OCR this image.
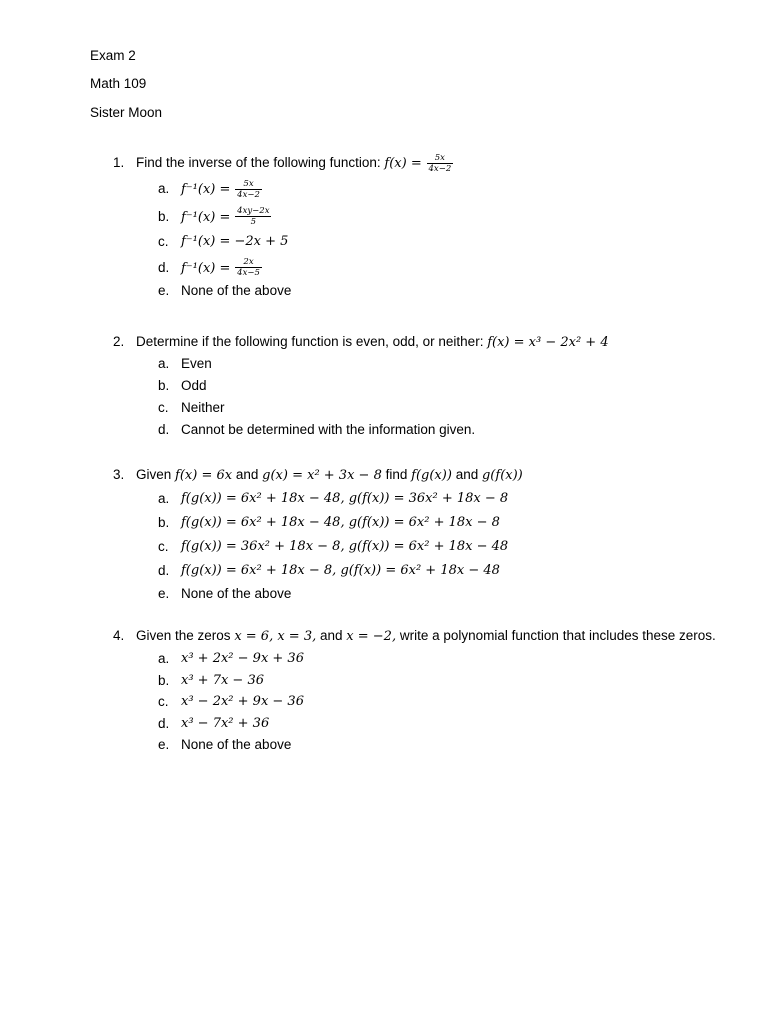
Exam 2
Math 109
Sister Moon
1. Find the inverse of the following function: $f(x) = \frac{5x}{4x-2}$
a. $f^{-1}(x) = \frac{5x}{4x-2}$
b. $f^{-1}(x) = \frac{4xy-2x}{5}$
c. f⁻¹(x) = −2x + 5
d. $f^{-1}(x) = \frac{2x}{4x-5}$
e. None of the above
2. Determine if the following function is even, odd, or neither: f(x) = x³ − 2x² + 4
a. Even
b. Odd
c. Neither
d. Cannot be determined with the information given.
3. Given f(x) = 6x and g(x) = x² + 3x − 8 find f(g(x)) and g(f(x))
a. f(g(x)) = 6x² + 18x − 48, g(f(x)) = 36x² + 18x − 8
b. f(g(x)) = 6x² + 18x − 48, g(f(x)) = 6x² + 18x − 8
c. f(g(x)) = 36x² + 18x − 8, g(f(x)) = 6x² + 18x − 48
d. f(g(x)) = 6x² + 18x − 8, g(f(x)) = 6x² + 18x − 48
e. None of the above
4. Given the zeros x = 6, x = 3, and x = −2, write a polynomial function that includes these zeros.
a. x³ + 2x² − 9x + 36
b. x³ + 7x − 36
c. x³ − 2x² + 9x − 36
d. x³ − 7x² + 36
e. None of the above
